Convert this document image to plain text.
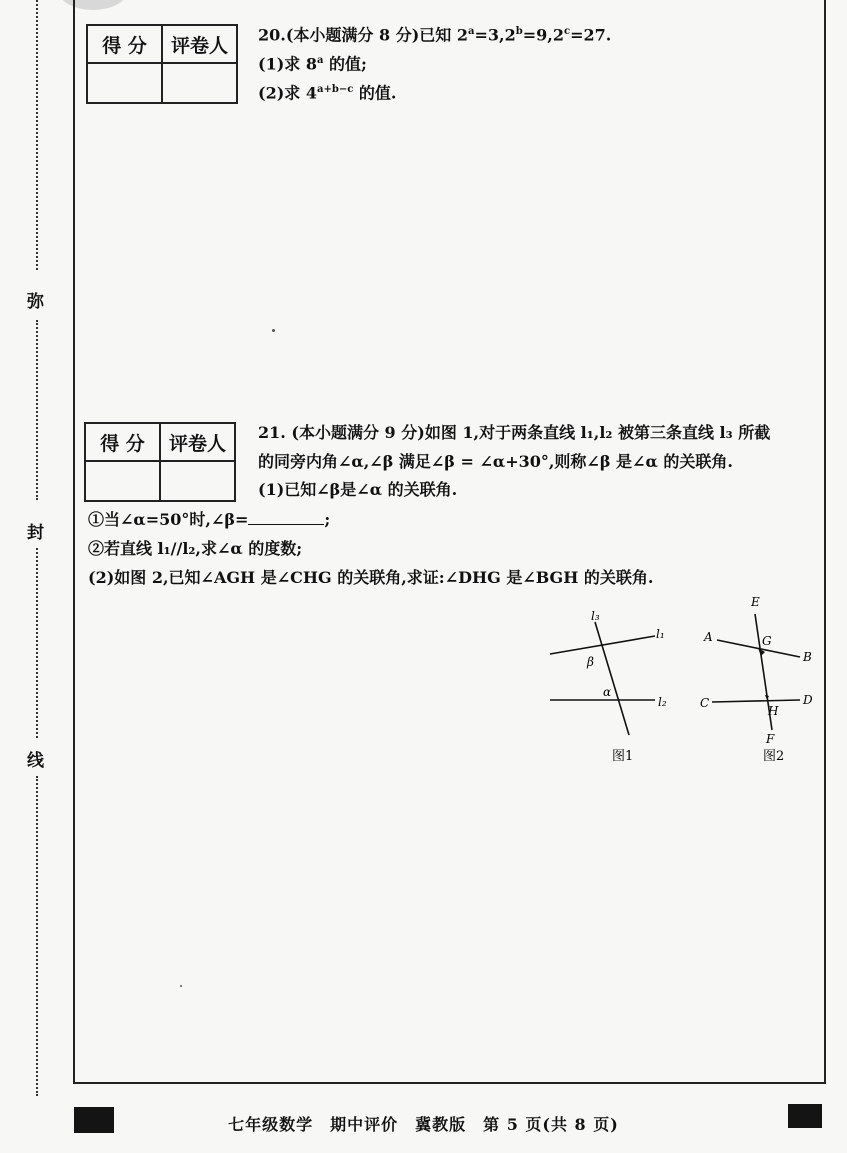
弥
封
线
得 分	评卷人
	20.(本小题满分 8 分)已知 $2^a=3,2^b=9,2^c=27$.
(1)求 8$^a$ 的值;
(2)求 $4^{a+b-c}$ 的值.
得 分	评卷人
	21. (本小题满分 9 分)如图 1,对于两条直线 l₁,l₂ 被第三条直线 l₃ 所截
的同旁内角∠α,∠β 满足∠β = ∠α+30°,则称∠β 是∠α 的关联角.
(1)已知∠β是∠α 的关联角.
①当∠α=50°时,∠β=	;
②若直线 l₁//l₂,求∠α 的度数;
(2)如图 2,已知∠AGH 是∠CHG 的关联角,求证:∠DHG 是∠BGH 的关联角.
l₃
l₁
l₂
β
α
图1
E
A	G
B
C
H
D
F
图2
七年级数学　期中评价　冀教版　第 5 页(共 8 页)
